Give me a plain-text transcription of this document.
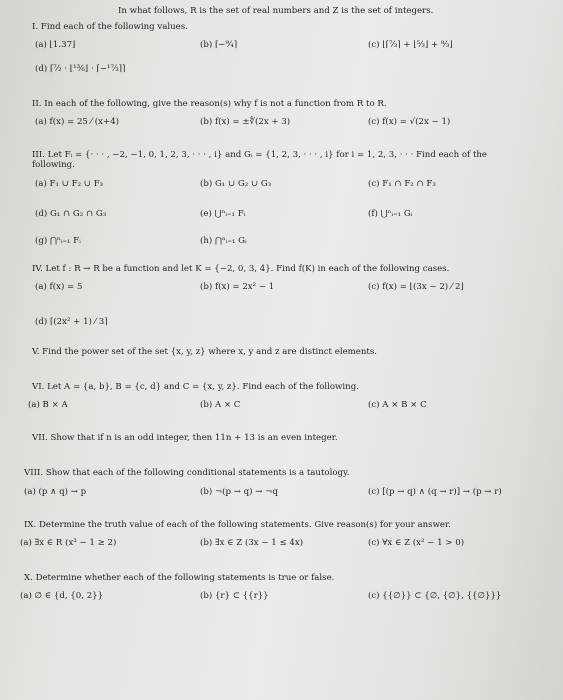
In what follows, R is the set of real numbers and Z is the set of integers.
I. Find each of the following values.
(a) ⌊1.37⌋	(b) ⌈−⁹⁄₄⌉	(c) ⌊⌈⁷⁄₃⌉ + ⌊⁵⁄₃⌋ + ⁸⁄₃⌋
(d) ⌈⁷⁄₂ · ⌊¹³⁄₆⌋ · ⌈−¹⁷⁄₃⌉⌉
II. In each of the following, give the reason(s) why f is not a function from R to R.
(a) f(x) = 25 ⁄ (x+4)	(b) f(x) = ±∜(2x + 3)	(c) f(x) = √(2x − 1)
III. Let Fᵢ = {· · · , −2, −1, 0, 1, 2, 3, · · · , i} and Gᵢ = {1, 2, 3, · · · , i} for i = 1, 2, 3, · · · Find each of the
following.
(a) F₁ ∪ F₂ ∪ F₃	(b) G₁ ∪ G₂ ∪ G₃	(c) F₁ ∩ F₂ ∩ F₃
(d) G₁ ∩ G₂ ∩ G₃	(e) ⋃ⁿᵢ₌₁ Fᵢ	(f) ⋃ⁿᵢ₌₁ Gᵢ
(g) ⋂ⁿᵢ₌₁ Fᵢ	(h) ⋂ⁿᵢ₌₁ Gᵢ
IV. Let f : R → R be a function and let K = {−2, 0, 3, 4}. Find f(K) in each of the following cases.
(a) f(x) = 5	(b) f(x) = 2x² − 1	(c) f(x) = ⌊(3x − 2) ⁄ 2⌋
(d) ⌈(2x² + 1) ⁄ 3⌉
V. Find the power set of the set {x, y, z} where x, y and z are distinct elements.
VI. Let A = {a, b}, B = {c, d} and C = {x, y, z}. Find each of the following.
(a) B × A	(b) A × C	(c) A × B × C
VII. Show that if n is an odd integer, then 11n + 13 is an even integer.
VIII. Show that each of the following conditional statements is a tautology.
(a) (p ∧ q) → p	(b) ¬(p → q) → ¬q	(c) [(p → q) ∧ (q → r)] → (p → r)
IX. Determine the truth value of each of the following statements. Give reason(s) for your answer.
(a) ∃x ∈ R (x³ − 1 ≥ 2)	(b) ∃x ∈ Z (3x − 1 ≤ 4x)	(c) ∀x ∈ Z (x² − 1 > 0)
X. Determine whether each of the following statements is true or false.
(a) ∅ ∈ {d, {0, 2}}	(b) {r} ⊂ {{r}}	(c) {{∅}} ⊂ {∅, {∅}, {{∅}}}
